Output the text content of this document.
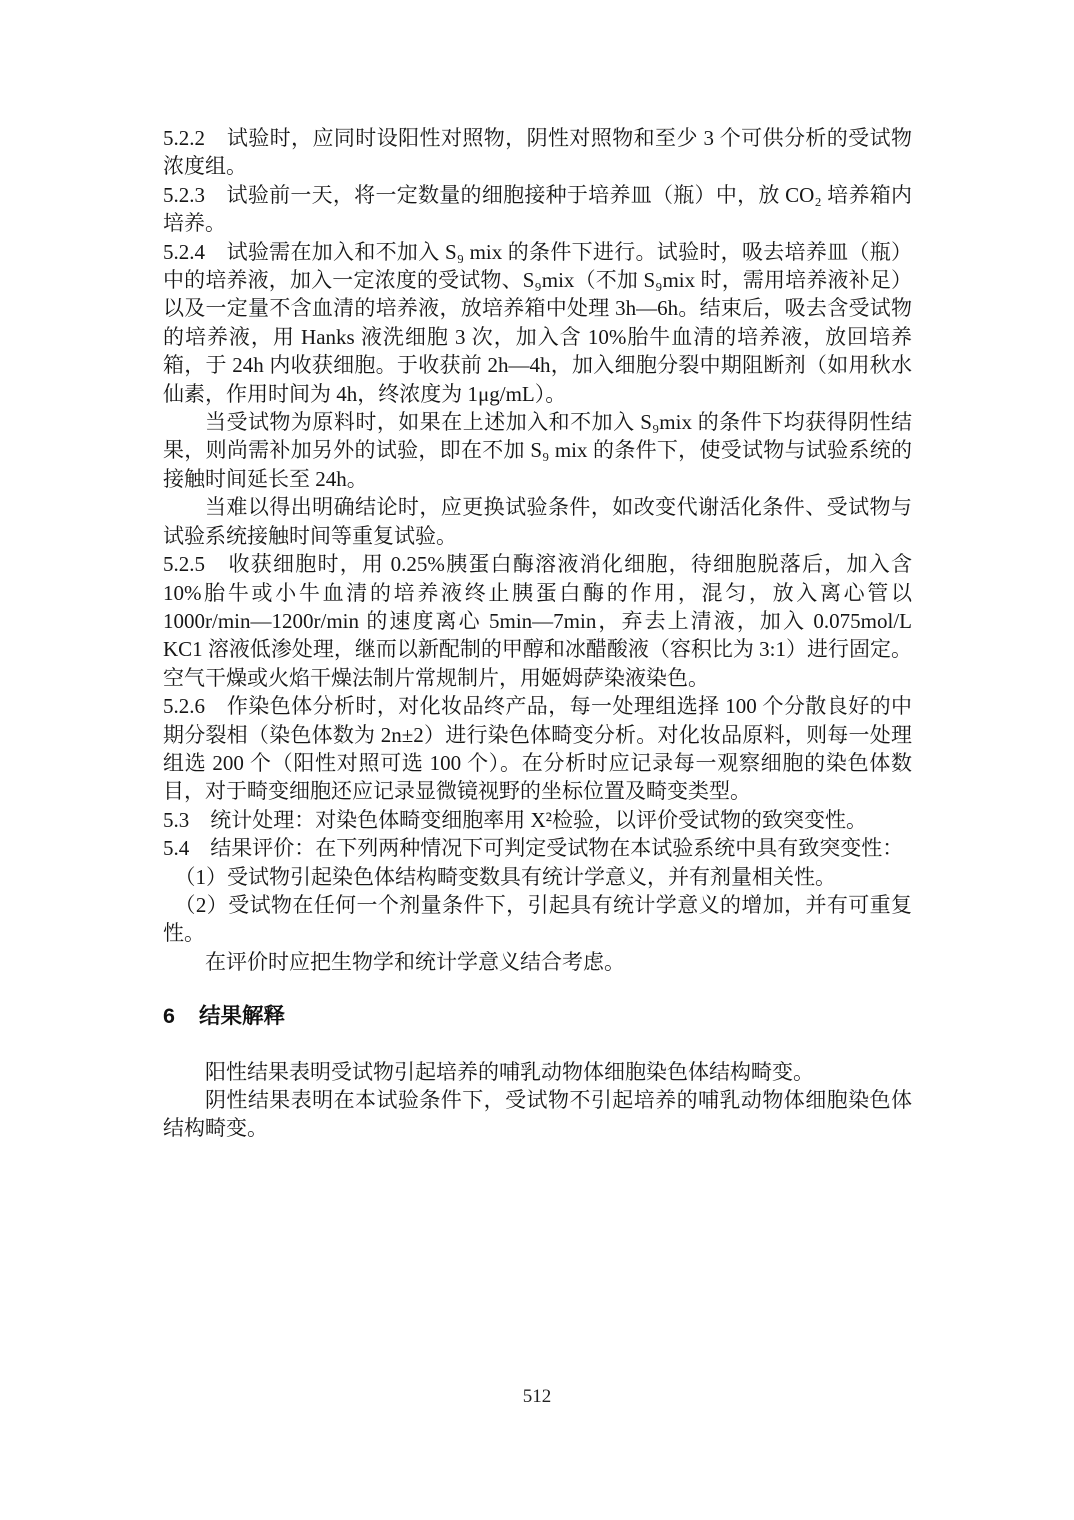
5.2.2　试验时，应同时设阳性对照物，阴性对照物和至少 3 个可供分析的受试物浓度组。

5.2.3　试验前一天，将一定数量的细胞接种于培养皿（瓶）中，放 CO₂ 培养箱内培养。

5.2.4　试验需在加入和不加入 S₉ mix 的条件下进行。试验时，吸去培养皿（瓶）中的培养液，加入一定浓度的受试物、S₉mix（不加 S₉mix 时，需用培养液补足）以及一定量不含血清的培养液，放培养箱中处理 3h—6h。结束后，吸去含受试物的培养液，用 Hanks 液洗细胞 3 次，加入含 10%胎牛血清的培养液，放回培养箱，于 24h 内收获细胞。于收获前 2h—4h，加入细胞分裂中期阻断剂（如用秋水仙素，作用时间为 4h，终浓度为 1μg/mL）。

当受试物为原料时，如果在上述加入和不加入 S₉mix 的条件下均获得阴性结果，则尚需补加另外的试验，即在不加 S₉ mix 的条件下，使受试物与试验系统的接触时间延长至 24h。

当难以得出明确结论时，应更换试验条件，如改变代谢活化条件、受试物与试验系统接触时间等重复试验。

5.2.5　收获细胞时，用 0.25%胰蛋白酶溶液消化细胞，待细胞脱落后，加入含 10%胎牛或小牛血清的培养液终止胰蛋白酶的作用，混匀，放入离心管以 1000r/min—1200r/min 的速度离心 5min—7min，弃去上清液，加入 0.075mol/L KC1 溶液低渗处理，继而以新配制的甲醇和冰醋酸液（容积比为 3:1）进行固定。空气干燥或火焰干燥法制片常规制片，用姬姆萨染液染色。

5.2.6　作染色体分析时，对化妆品终产品，每一处理组选择 100 个分散良好的中期分裂相（染色体数为 2n±2）进行染色体畸变分析。对化妆品原料，则每一处理组选 200 个（阳性对照可选 100 个）。在分析时应记录每一观察细胞的染色体数目，对于畸变细胞还应记录显微镜视野的坐标位置及畸变类型。

5.3　统计处理：对染色体畸变细胞率用 X²检验，以评价受试物的致突变性。

5.4　结果评价：在下列两种情况下可判定受试物在本试验系统中具有致突变性：

（1）受试物引起染色体结构畸变数具有统计学意义，并有剂量相关性。

（2）受试物在任何一个剂量条件下，引起具有统计学意义的增加，并有可重复性。

在评价时应把生物学和统计学意义结合考虑。

6 结果解释

阳性结果表明受试物引起培养的哺乳动物体细胞染色体结构畸变。

阴性结果表明在本试验条件下，受试物不引起培养的哺乳动物体细胞染色体结构畸变。

512
